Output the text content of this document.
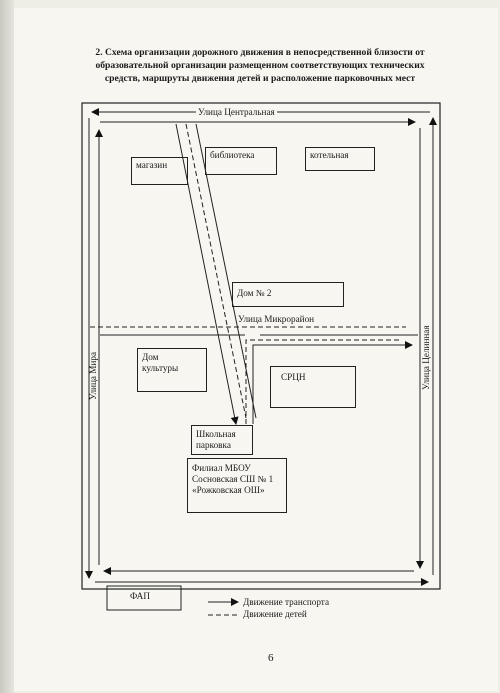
2. Схема организации дорожного движения в непосредственной близости от
образовательной организации размещенном соответствующих технических
средств, маршруты движения детей и расположение парковочных мест
Улица Центральная
Улица Микрорайон
Улица Мира	Улица Целинная
магазин
библиотека	котельная
Дом № 2
Дом
культуры
СРЦН
Школьная
парковка
Филиал МБОУ
Сосновская СШ № 1
«Рожковская ОШ»
ФАП
Движение транспорта
Движение детей
6
